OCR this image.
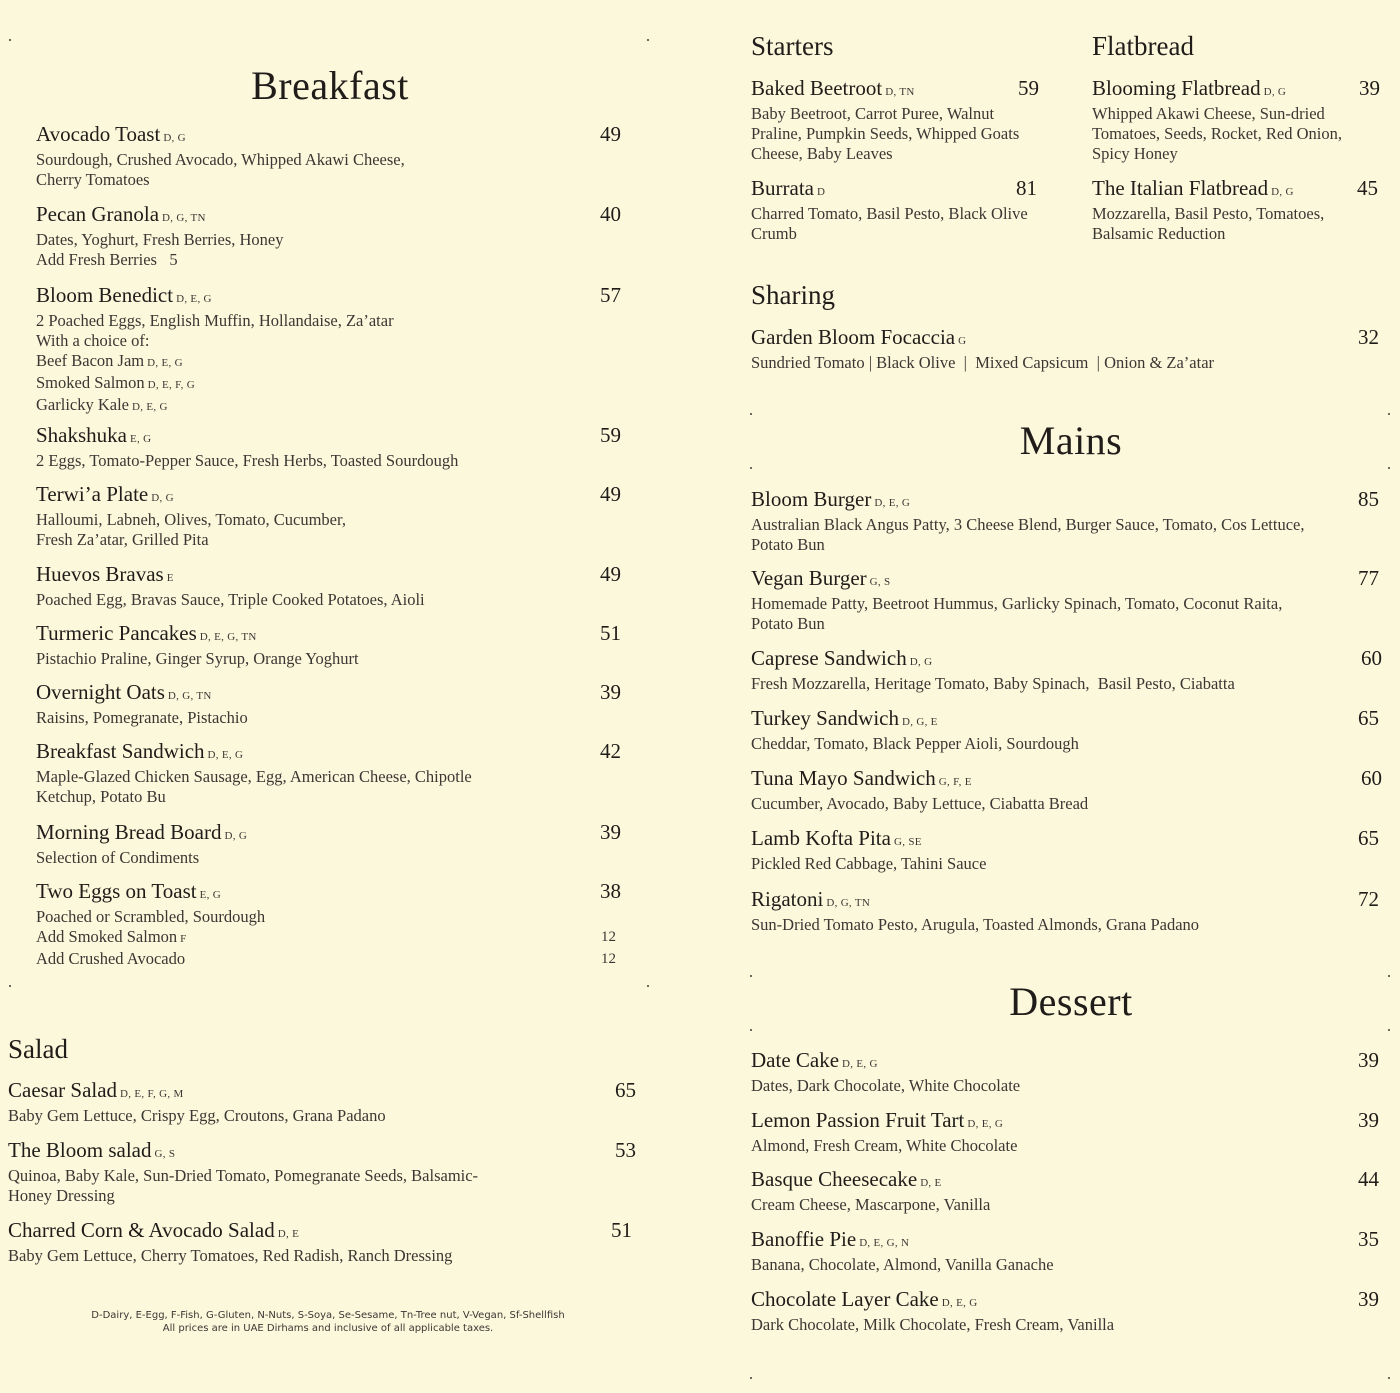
Breakfast
Avocado Toast D, G
Sourdough, Crushed Avocado, Whipped Akawi Cheese,
Cherry Tomatoes
49
Pecan Granola D, G, TN
Dates, Yoghurt, Fresh Berries, Honey
Add Fresh Berries 5
40
Bloom Benedict D, E, G
2 Poached Eggs, English Muffin, Hollandaise, Za’atar
With a choice of:
Beef Bacon Jam D, E, G
Smoked Salmon D, E, F, G
Garlicky Kale D, E, G
57
Shakshuka E, G
2 Eggs, Tomato-Pepper Sauce, Fresh Herbs, Toasted Sourdough
59
Terwi’a Plate D, G
Halloumi, Labneh, Olives, Tomato, Cucumber,
Fresh Za’atar, Grilled Pita
49
Huevos Bravas E
Poached Egg, Bravas Sauce, Triple Cooked Potatoes, Aioli
49
Turmeric Pancakes D, E, G, TN
Pistachio Praline, Ginger Syrup, Orange Yoghurt
51
Overnight Oats D, G, TN
Raisins, Pomegranate, Pistachio
39
Breakfast Sandwich D, E, G
Maple-Glazed Chicken Sausage, Egg, American Cheese, Chipotle
Ketchup, Potato Bu
42
Morning Bread Board D, G
Selection of Condiments
39
Two Eggs on Toast E, G
Poached or Scrambled, Sourdough
Add Smoked Salmon F	12
Add Crushed Avocado	12
38
Salad
Caesar Salad D, E, F, G, M
Baby Gem Lettuce, Crispy Egg, Croutons, Grana Padano
65
The Bloom salad G, S
Quinoa, Baby Kale, Sun-Dried Tomato, Pomegranate Seeds, Balsamic-
Honey Dressing
53
Charred Corn & Avocado Salad D, E
Baby Gem Lettuce, Cherry Tomatoes, Red Radish, Ranch Dressing
51
D-Dairy, E-Egg, F-Fish, G-Gluten, N-Nuts, S-Soya, Se-Sesame, Tn-Tree nut, V-Vegan, Sf-Shellfish
All prices are in UAE Dirhams and inclusive of all applicable taxes.
Starters
Baked Beetroot D, TN
Baby Beetroot, Carrot Puree, Walnut
Praline, Pumpkin Seeds, Whipped Goats
Cheese, Baby Leaves
59
Burrata D
Charred Tomato, Basil Pesto, Black Olive
Crumb
81
Flatbread
Blooming Flatbread D, G
Whipped Akawi Cheese, Sun-dried
Tomatoes, Seeds, Rocket, Red Onion,
Spicy Honey
39
The Italian Flatbread D, G
Mozzarella, Basil Pesto, Tomatoes,
Balsamic Reduction
45
Sharing
Garden Bloom Focaccia G
Sundried Tomato | Black Olive  |  Mixed Capsicum  | Onion & Za’atar
32
Mains
Bloom Burger D, E, G
Australian Black Angus Patty, 3 Cheese Blend, Burger Sauce, Tomato, Cos Lettuce,
Potato Bun
85
Vegan Burger G, S
Homemade Patty, Beetroot Hummus, Garlicky Spinach, Tomato, Coconut Raita,
Potato Bun
77
Caprese Sandwich D, G
Fresh Mozzarella, Heritage Tomato, Baby Spinach,  Basil Pesto, Ciabatta
60
Turkey Sandwich D, G, E
Cheddar, Tomato, Black Pepper Aioli, Sourdough
65
Tuna Mayo Sandwich G, F, E
Cucumber, Avocado, Baby Lettuce, Ciabatta Bread
60
Lamb Kofta Pita G, SE
Pickled Red Cabbage, Tahini Sauce
65
Rigatoni D, G, TN
Sun-Dried Tomato Pesto, Arugula, Toasted Almonds, Grana Padano
72
Dessert
Date Cake D, E, G
Dates, Dark Chocolate, White Chocolate
39
Lemon Passion Fruit Tart D, E, G
Almond, Fresh Cream, White Chocolate
39
Basque Cheesecake D, E
Cream Cheese, Mascarpone, Vanilla
44
Banoffie Pie D, E, G, N
Banana, Chocolate, Almond, Vanilla Ganache
35
Chocolate Layer Cake D, E, G
Dark Chocolate, Milk Chocolate, Fresh Cream, Vanilla
39
